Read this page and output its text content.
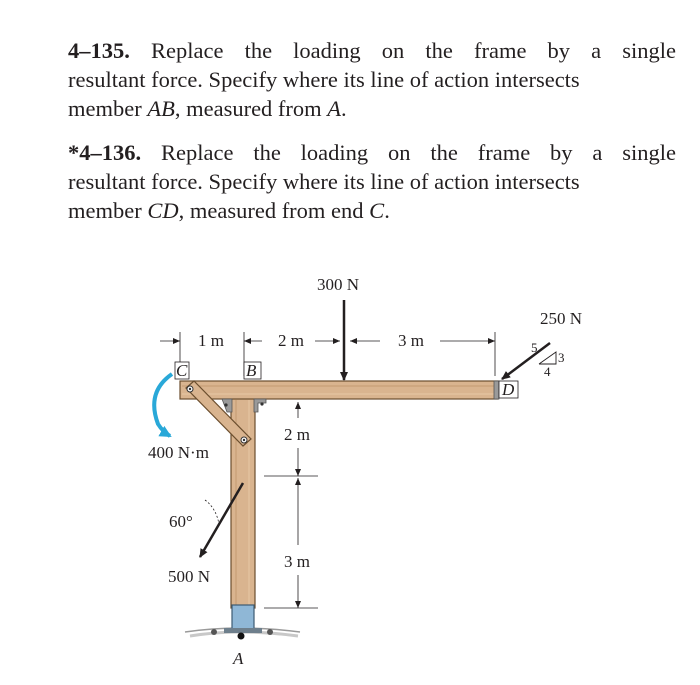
4–135. Replace the loading on the frame by a single
resultant force. Specify where its line of action intersects
member AB, measured from A.
*4–136. Replace the loading on the frame by a single
resultant force. Specify where its line of action intersects
member CD, measured from end C.
1 m	2 m	3 m
300 N
250 N
5
3
4
C	B
D
A
400 N·m
2 m
3 m
60°
500 N
